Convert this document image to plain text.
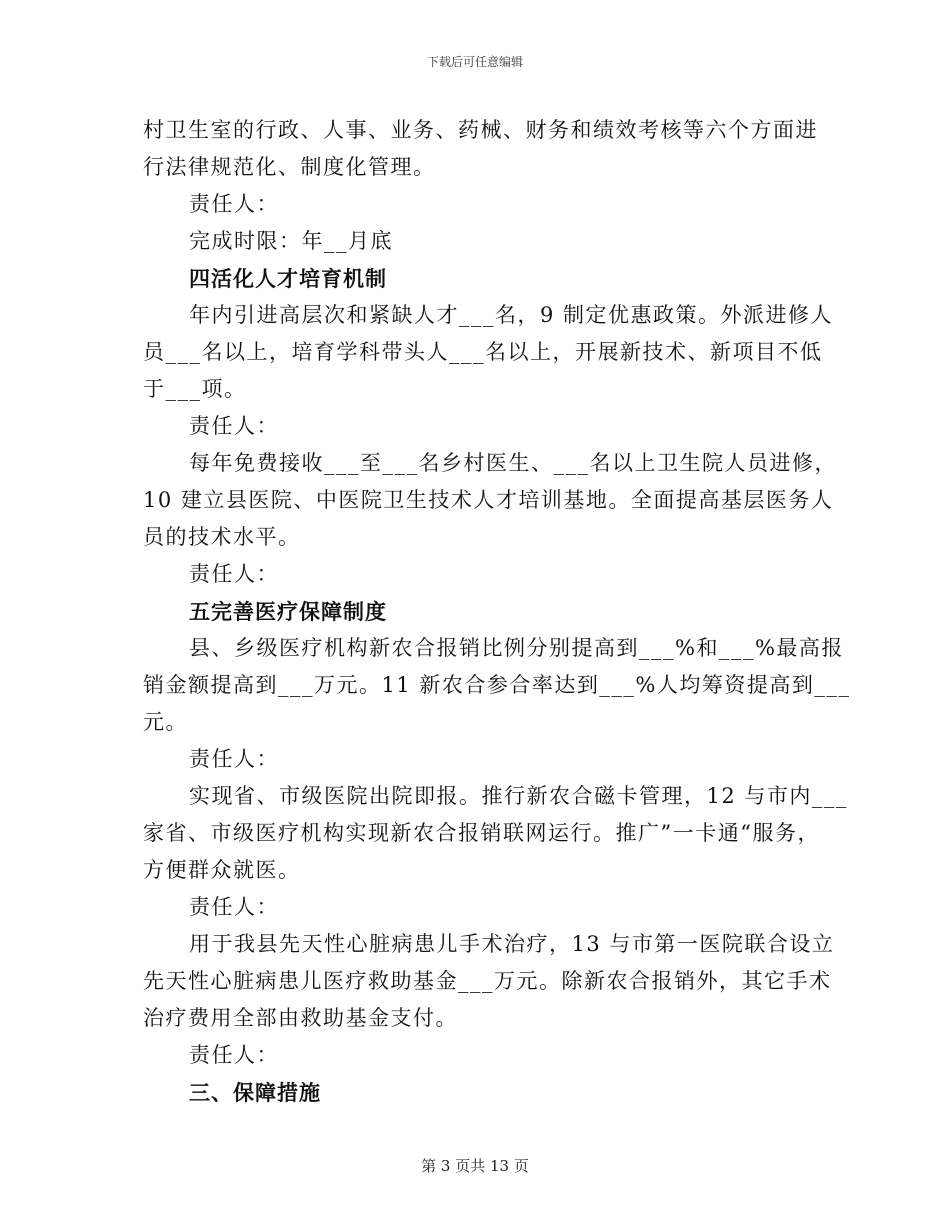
下载后可任意编辑
村卫生室的行政、人事、业务、药械、财务和绩效考核等六个方面进
行法律规范化、制度化管理。
责任人：
完成时限：年__月底
四活化人才培育机制
年内引进高层次和紧缺人才___名，9 制定优惠政策。外派进修人
员___名以上，培育学科带头人___名以上，开展新技术、新项目不低
于___项。
责任人：
每年免费接收___至___名乡村医生、___名以上卫生院人员进修，
10 建立县医院、中医院卫生技术人才培训基地。全面提高基层医务人
员的技术水平。
责任人：
五完善医疗保障制度
县、乡级医疗机构新农合报销比例分别提高到___%和___%最高报
销金额提高到___万元。11 新农合参合率达到___%人均筹资提高到___
元。
责任人：
实现省、市级医院出院即报。推行新农合磁卡管理，12 与市内___
家省、市级医疗机构实现新农合报销联网运行。推广”一卡通“服务，
方便群众就医。
责任人：
用于我县先天性心脏病患儿手术治疗，13 与市第一医院联合设立
先天性心脏病患儿医疗救助基金___万元。除新农合报销外，其它手术
治疗费用全部由救助基金支付。
责任人：
三、保障措施
第 3 页共 13 页
